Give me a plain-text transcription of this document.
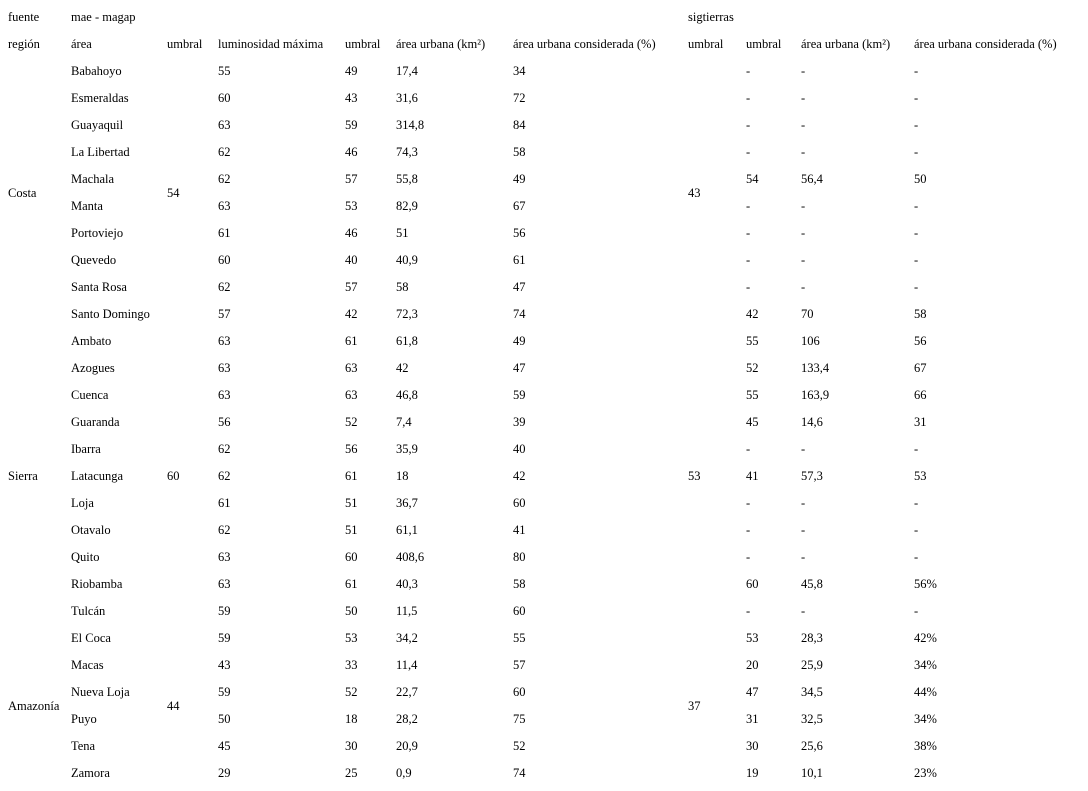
fuente	mae - magap						sigtierras			
región	área	umbral	luminosidad máxima	umbral	área urbana (km²)	área urbana considerada (%)	umbral	umbral	área urbana (km²)	área urbana considerada (%)
Costa	Babahoyo	54	55	49	17,4	34	43	-	-	-
	Esmeraldas		60	43	31,6	72		-	-	-
	Guayaquil		63	59	314,8	84		-	-	-
	La Libertad		62	46	74,3	58		-	-	-
	Machala		62	57	55,8	49		54	56,4	50
	Manta		63	53	82,9	67		-	-	-
	Portoviejo		61	46	51	56		-	-	-
	Quevedo		60	40	40,9	61		-	-	-
	Santa Rosa		62	57	58	47		-	-	-
	Santo Domingo		57	42	72,3	74		42	70	58
Sierra	Ambato	60	63	61	61,8	49	53	55	106	56
	Azogues		63	63	42	47		52	133,4	67
	Cuenca		63	63	46,8	59		55	163,9	66
	Guaranda		56	52	7,4	39		45	14,6	31
	Ibarra		62	56	35,9	40		-	-	-
	Latacunga		62	61	18	42		41	57,3	53
	Loja		61	51	36,7	60		-	-	-
	Otavalo		62	51	61,1	41		-	-	-
	Quito		63	60	408,6	80		-	-	-
	Riobamba		63	61	40,3	58		60	45,8	56%
	Tulcán		59	50	11,5	60		-	-	-
Amazonía	El Coca	44	59	53	34,2	55	37	53	28,3	42%
	Macas		43	33	11,4	57		20	25,9	34%
	Nueva Loja		59	52	22,7	60		47	34,5	44%
	Puyo		50	18	28,2	75		31	32,5	34%
	Tena		45	30	20,9	52		30	25,6	38%
	Zamora		29	25	0,9	74		19	10,1	23%
